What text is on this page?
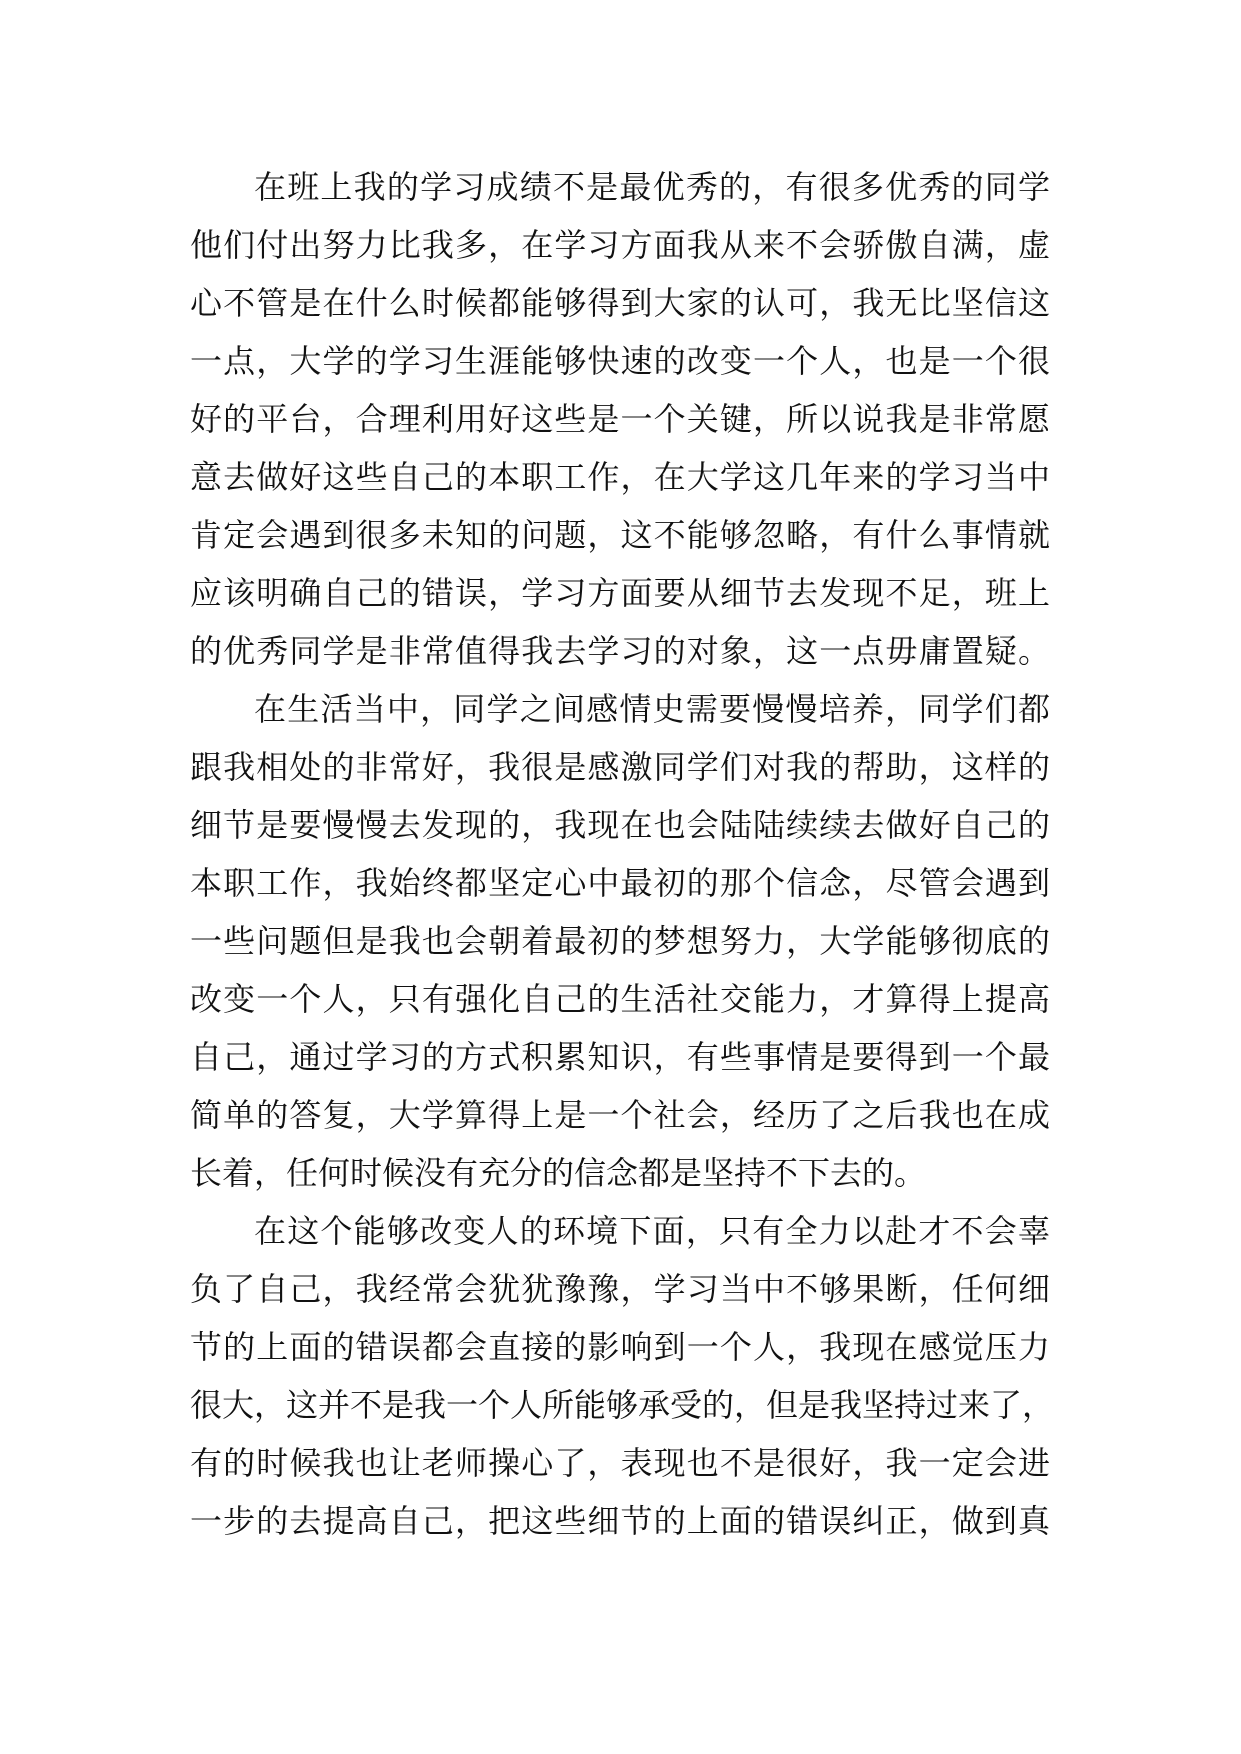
在班上我的学习成绩不是最优秀的，有很多优秀的同学
他们付出努力比我多，在学习方面我从来不会骄傲自满，虚
心不管是在什么时候都能够得到大家的认可，我无比坚信这
一点，大学的学习生涯能够快速的改变一个人，也是一个很
好的平台，合理利用好这些是一个关键，所以说我是非常愿
意去做好这些自己的本职工作，在大学这几年来的学习当中
肯定会遇到很多未知的问题，这不能够忽略，有什么事情就
应该明确自己的错误，学习方面要从细节去发现不足，班上
的优秀同学是非常值得我去学习的对象，这一点毋庸置疑。
在生活当中，同学之间感情史需要慢慢培养，同学们都
跟我相处的非常好，我很是感激同学们对我的帮助，这样的
细节是要慢慢去发现的，我现在也会陆陆续续去做好自己的
本职工作，我始终都坚定心中最初的那个信念，尽管会遇到
一些问题但是我也会朝着最初的梦想努力，大学能够彻底的
改变一个人，只有强化自己的生活社交能力，才算得上提高
自己，通过学习的方式积累知识，有些事情是要得到一个最
简单的答复，大学算得上是一个社会，经历了之后我也在成
长着，任何时候没有充分的信念都是坚持不下去的。
在这个能够改变人的环境下面，只有全力以赴才不会辜
负了自己，我经常会犹犹豫豫，学习当中不够果断，任何细
节的上面的错误都会直接的影响到一个人，我现在感觉压力
很大，这并不是我一个人所能够承受的，但是我坚持过来了，
有的时候我也让老师操心了，表现也不是很好，我一定会进
一步的去提高自己，把这些细节的上面的错误纠正，做到真
